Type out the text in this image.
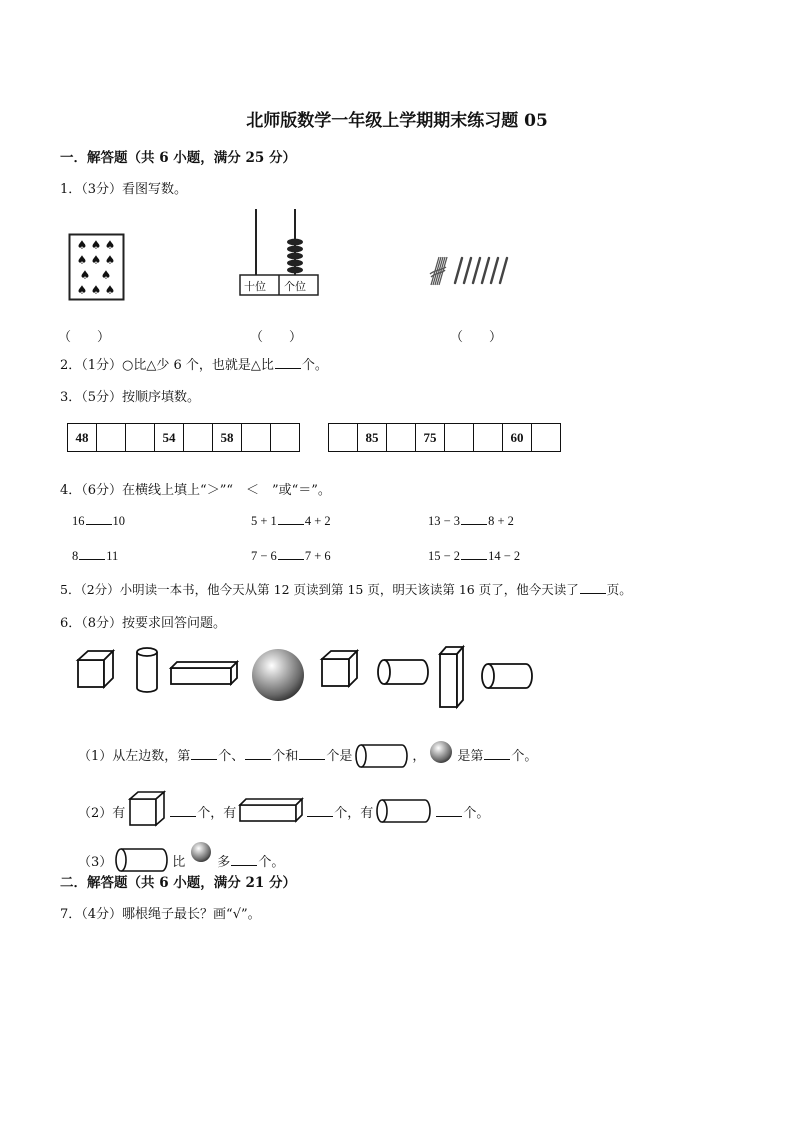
北师版数学一年级上学期期末练习题 05
一．解答题（共 6 小题，满分 25 分）
1．（3分）看图写数。
♠ ♠ ♠
♠ ♠ ♠
♠ ♠
♠ ♠ ♠	十位 个位
（　　）	（　　）	（　　）
2．（1分）○比△少 6 个，也就是△比 个。
3．（5分）按顺序填数。
48			54		58		
		85		75			60	
4．（6分）在横线上填上“＞”“　＜　”或“＝”。
16 10	5 + 1 4 + 2	13 − 3 8 + 2
8 11	7 − 6 7 + 6	15 − 2 14 − 2
5．（2分）小明读一本书，他今天从第 12 页读到第 15 页，明天该读第 16 页了，他今天读了 页。
6．（8分）按要求回答问题。
（1）从左边数，第 个、 个和 个是	， 是第 个。
（2）有	个，有	个，有	个。
（3）	比 多 个。
二．解答题（共 6 小题，满分 21 分）
7．（4分）哪根绳子最长？画“√”。
